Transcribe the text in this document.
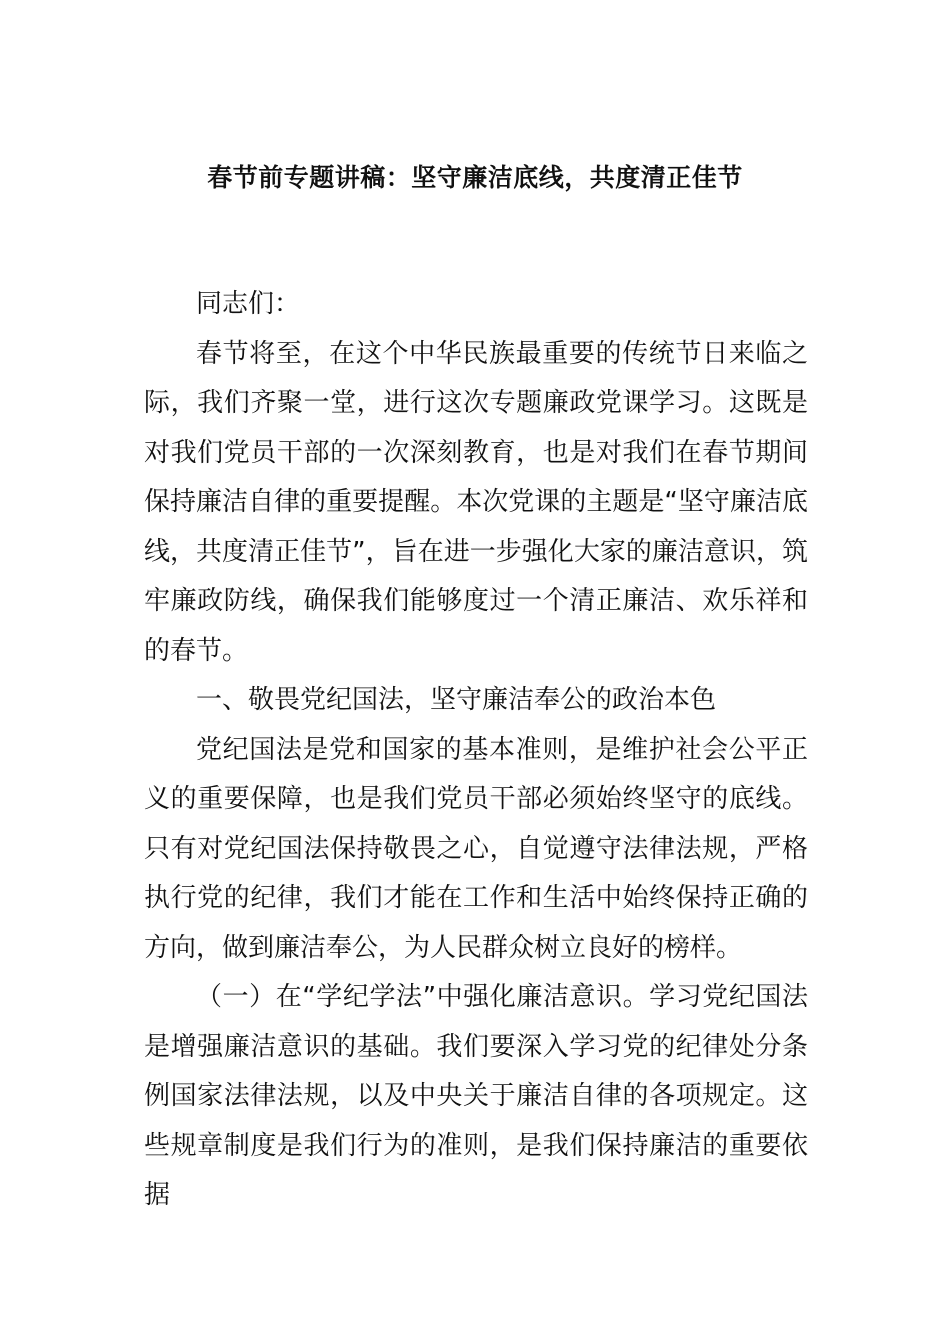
春节前专题讲稿：坚守廉洁底线，共度清正佳节

同志们：

春节将至，在这个中华民族最重要的传统节日来临之际，我们齐聚一堂，进行这次专题廉政党课学习。这既是对我们党员干部的一次深刻教育，也是对我们在春节期间保持廉洁自律的重要提醒。本次党课的主题是“坚守廉洁底线，共度清正佳节”，旨在进一步强化大家的廉洁意识，筑牢廉政防线，确保我们能够度过一个清正廉洁、欢乐祥和的春节。

一、敬畏党纪国法，坚守廉洁奉公的政治本色

党纪国法是党和国家的基本准则，是维护社会公平正义的重要保障，也是我们党员干部必须始终坚守的底线。只有对党纪国法保持敬畏之心，自觉遵守法律法规，严格执行党的纪律，我们才能在工作和生活中始终保持正确的方向，做到廉洁奉公，为人民群众树立良好的榜样。

（一）在“学纪学法”中强化廉洁意识。学习党纪国法是增强廉洁意识的基础。我们要深入学习党的纪律处分条例国家法律法规，以及中央关于廉洁自律的各项规定。这些规章制度是我们行为的准则，是我们保持廉洁的重要依据
